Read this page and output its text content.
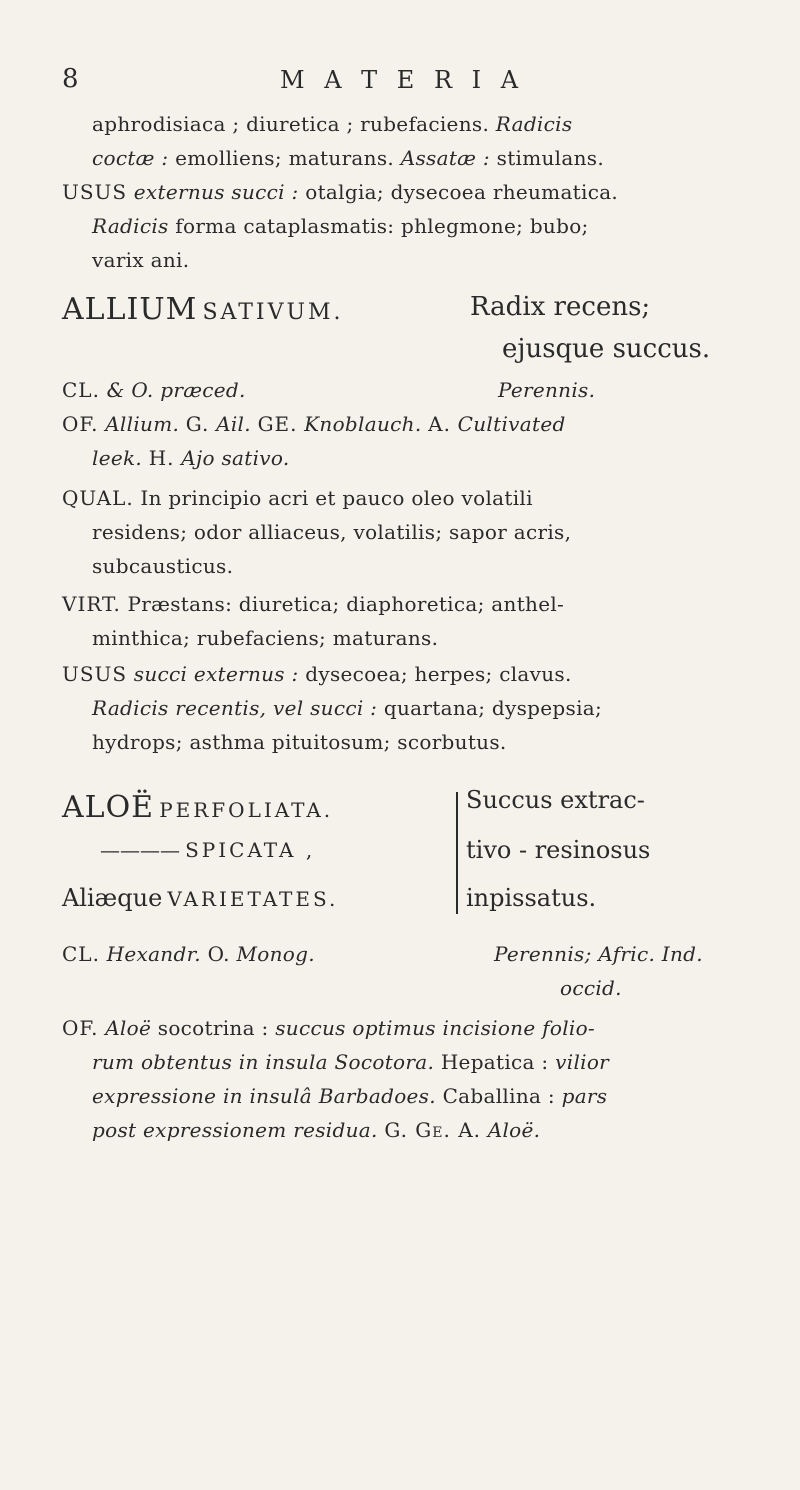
8	M A T E R I A
aphrodisiaca ; diuretica ; rubefaciens. Radicis
coctæ : emolliens; maturans. Assatæ : stimulans.
USUS externus succi : otalgia; dysecoea rheumatica.
Radicis forma cataplasmatis: phlegmone; bubo;
varix ani.
ALLIUM SATIVUM.	Radix recens;
ejusque succus.
CL. & O. præced.	Perennis.
OF. Allium. G. Ail. GE. Knoblauch. A. Cultivated
leek. H. Ajo sativo.
QUAL. In principio acri et pauco oleo volatili
residens; odor alliaceus, volatilis; sapor acris,
subcausticus.
VIRT. Præstans: diuretica; diaphoretica; anthel-
minthica; rubefaciens; maturans.
USUS succi externus : dysecoea; herpes; clavus.
Radicis recentis, vel succi : quartana; dyspepsia;
hydrops; asthma pituitosum; scorbutus.
ALOË PERFOLIATA.
———— SPICATA ,
Aliæque VARIETATES.
Succus extrac-
tivo - resinosus
inpissatus.
CL. Hexandr. O. Monog.	Perennis; Afric. Ind.
occid.
OF. Aloë socotrina : succus optimus incisione folio-
rum obtentus in insula Socotora. Hepatica : vilior
expressione in insulâ Barbadoes. Caballina : pars
post expressionem residua. G. Ge. A. Aloë.
